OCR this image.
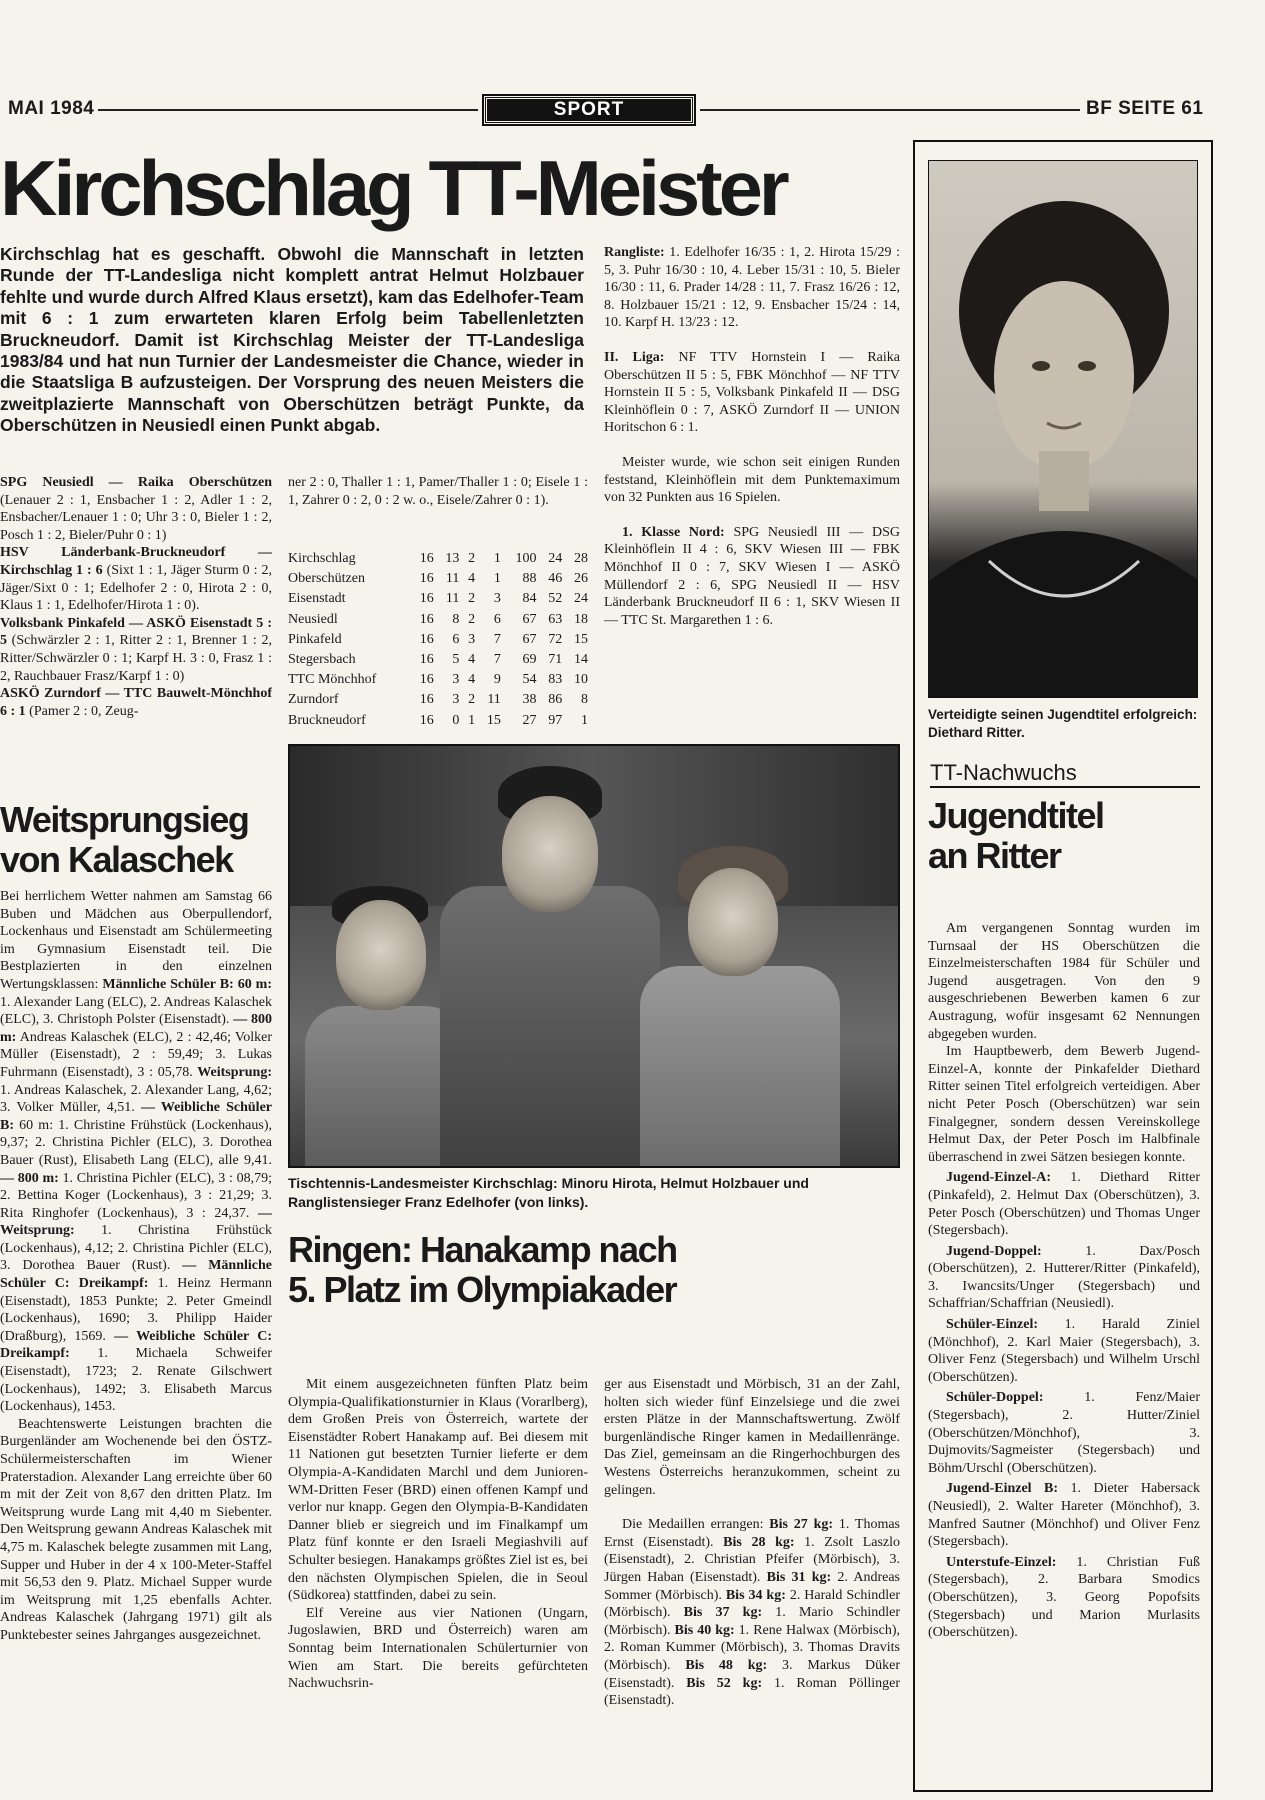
MAI 1984	SPORT	BF SEITE 61
Kirchschlag TT-Meister

Kirchschlag hat es geschafft. Obwohl die Mannschaft in letzten Runde der TT-Landesliga nicht komplett antrat Helmut Holzbauer fehlte und wurde durch Alfred Klaus ersetzt), kam das Edelhofer-Team mit 6 : 1 zum erwarteten klaren Erfolg beim Tabellenletzten Bruckneudorf. Damit ist Kirchschlag Meister der TT-Landesliga 1983/84 und hat nun Turnier der Landesmeister die Chance, wieder in die Staatsliga B aufzusteigen. Der Vorsprung des neuen Meisters die zweitplazierte Mannschaft von Oberschützen beträgt Punkte, da Oberschützen in Neusiedl einen Punkt abgab.

SPG Neusiedl — Raika Oberschützen (Lenauer 2 : 1, Ensbacher 1 : 2, Adler 1 : 2, Ensbacher/Lenauer 1 : 0; Uhr 3 : 0, Bieler 1 : 2, Posch 1 : 2, Bieler/Puhr 0 : 1)

HSV Länderbank-Bruckneudorf — Kirchschlag 1 : 6 (Sixt 1 : 1, Jäger Sturm 0 : 2, Jäger/Sixt 0 : 1; Edelhofer 2 : 0, Hirota 2 : 0, Klaus 1 : 1, Edelhofer/Hirota 1 : 0).

Volksbank Pinkafeld — ASKÖ Eisenstadt 5 : 5 (Schwärzler 2 : 1, Ritter 2 : 1, Brenner 1 : 2, Ritter/Schwärzler 0 : 1; Karpf H. 3 : 0, Frasz 1 : 2, Rauchbauer Frasz/Karpf 1 : 0)

ASKÖ Zurndorf — TTC Bauwelt-Mönchhof 6 : 1 (Pamer 2 : 0, Zeug-

ner 2 : 0, Thaller 1 : 1, Pamer/Thaller 1 : 0; Eisele 1 : 1, Zahrer 0 : 2, 0 : 2 w. o., Eisele/Zahrer 0 : 1).

Kirchschlag	16	13	2	1	100	24	28
Oberschützen	16	11	4	1	88	46	26
Eisenstadt	16	11	2	3	84	52	24
Neusiedl	16	8	2	6	67	63	18
Pinkafeld	16	6	3	7	67	72	15
Stegersbach	16	5	4	7	69	71	14
TTC Mönchhof	16	3	4	9	54	83	10
Zurndorf	16	3	2	11	38	86	8
Bruckneudorf	16	0	1	15	27	97	1

Rangliste: 1. Edelhofer 16/35 : 1, 2. Hirota 15/29 : 5, 3. Puhr 16/30 : 10, 4. Leber 15/31 : 10, 5. Bieler 16/30 : 11, 6. Prader 14/28 : 11, 7. Frasz 16/26 : 12, 8. Holzbauer 15/21 : 12, 9. Ensbacher 15/24 : 14, 10. Karpf H. 13/23 : 12.

II. Liga: NF TTV Hornstein I — Raika Oberschützen II 5 : 5, FBK Mönchhof — NF TTV Hornstein II 5 : 5, Volksbank Pinkafeld II — DSG Kleinhöflein 0 : 7, ASKÖ Zurndorf II — UNION Horitschon 6 : 1.

Meister wurde, wie schon seit einigen Runden feststand, Kleinhöflein mit dem Punktemaximum von 32 Punkten aus 16 Spielen.

1. Klasse Nord: SPG Neusiedl III — DSG Kleinhöflein II 4 : 6, SKV Wiesen III — FBK Mönchhof II 0 : 7, SKV Wiesen I — ASKÖ Müllendorf 2 : 6, SPG Neusiedl II — HSV Länderbank Bruckneudorf II 6 : 1, SKV Wiesen II — TTC St. Margarethen 1 : 6.

Weitsprungsieg
von Kalaschek

Bei herrlichem Wetter nahmen am Samstag 66 Buben und Mädchen aus Oberpullendorf, Lockenhaus und Eisenstadt am Schülermeeting im Gymnasium Eisenstadt teil. Die Bestplazierten in den einzelnen Wertungsklassen: Männliche Schüler B: 60 m: 1. Alexander Lang (ELC), 2. Andreas Kalaschek (ELC), 3. Christoph Polster (Eisenstadt). — 800 m: Andreas Kalaschek (ELC), 2 : 42,46; Volker Müller (Eisenstadt), 2 : 59,49; 3. Lukas Fuhrmann (Eisenstadt), 3 : 05,78. Weitsprung: 1. Andreas Kalaschek, 2. Alexander Lang, 4,62; 3. Volker Müller, 4,51. — Weibliche Schüler B: 60 m: 1. Christine Frühstück (Lockenhaus), 9,37; 2. Christina Pichler (ELC), 3. Dorothea Bauer (Rust), Elisabeth Lang (ELC), alle 9,41. — 800 m: 1. Christina Pichler (ELC), 3 : 08,79; 2. Bettina Koger (Lockenhaus), 3 : 21,29; 3. Rita Ringhofer (Lockenhaus), 3 : 24,37. — Weitsprung: 1. Christina Frühstück (Lockenhaus), 4,12; 2. Christina Pichler (ELC), 3. Dorothea Bauer (Rust). — Männliche Schüler C: Dreikampf: 1. Heinz Hermann (Eisenstadt), 1853 Punkte; 2. Peter Gmeindl (Lockenhaus), 1690; 3. Philipp Haider (Draßburg), 1569. — Weibliche Schüler C: Dreikampf: 1. Michaela Schweifer (Eisenstadt), 1723; 2. Renate Gilschwert (Lockenhaus), 1492; 3. Elisabeth Marcus (Lockenhaus), 1453.

Beachtenswerte Leistungen brachten die Burgenländer am Wochenende bei den ÖSTZ-Schülermeisterschaften im Wiener Praterstadion. Alexander Lang erreichte über 60 m mit der Zeit von 8,67 den dritten Platz. Im Weitsprung wurde Lang mit 4,40 m Siebenter. Den Weitsprung gewann Andreas Kalaschek mit 4,75 m. Kalaschek belegte zusammen mit Lang, Supper und Huber in der 4 x 100-Meter-Staffel mit 56,53 den 9. Platz. Michael Supper wurde im Weitsprung mit 1,25 ebenfalls Achter. Andreas Kalaschek (Jahrgang 1971) gilt als Punktebester seines Jahrganges ausgezeichnet.

Tischtennis-Landesmeister Kirchschlag: Minoru Hirota, Helmut Holzbauer und Ranglistensieger Franz Edelhofer (von links).
Ringen: Hanakamp nach
5. Platz im Olympiakader

Mit einem ausgezeichneten fünften Platz beim Olympia-Qualifikationsturnier in Klaus (Vorarlberg), dem Großen Preis von Österreich, wartete der Eisenstädter Robert Hanakamp auf. Bei diesem mit 11 Nationen gut besetzten Turnier lieferte er dem Olympia-A-Kandidaten Marchl und dem Junioren-WM-Dritten Feser (BRD) einen offenen Kampf und verlor nur knapp. Gegen den Olympia-B-Kandidaten Danner blieb er siegreich und im Finalkampf um Platz fünf konnte er den Israeli Megiashvili auf Schulter besiegen. Hanakamps größtes Ziel ist es, bei den nächsten Olympischen Spielen, die in Seoul (Südkorea) stattfinden, dabei zu sein.

Elf Vereine aus vier Nationen (Ungarn, Jugoslawien, BRD und Österreich) waren am Sonntag beim Internationalen Schülerturnier von Wien am Start. Die bereits gefürchteten Nachwuchsrin-

ger aus Eisenstadt und Mörbisch, 31 an der Zahl, holten sich wieder fünf Einzelsiege und die zwei ersten Plätze in der Mannschaftswertung. Zwölf burgenländische Ringer kamen in Medaillenränge. Das Ziel, gemeinsam an die Ringerhochburgen des Westens Österreichs heranzukommen, scheint zu gelingen.

Die Medaillen errangen: Bis 27 kg: 1. Thomas Ernst (Eisenstadt). Bis 28 kg: 1. Zsolt Laszlo (Eisenstadt), 2. Christian Pfeifer (Mörbisch), 3. Jürgen Haban (Eisenstadt). Bis 31 kg: 2. Andreas Sommer (Mörbisch). Bis 34 kg: 2. Harald Schindler (Mörbisch). Bis 37 kg: 1. Mario Schindler (Mörbisch). Bis 40 kg: 1. Rene Halwax (Mörbisch), 2. Roman Kummer (Mörbisch), 3. Thomas Dravits (Mörbisch). Bis 48 kg: 3. Markus Düker (Eisenstadt). Bis 52 kg: 1. Roman Pöllinger (Eisenstadt).

Verteidigte seinen Jugendtitel erfolgreich: Diethard Ritter.
TT-Nachwuchs
Jugendtitel
an Ritter

Am vergangenen Sonntag wurden im Turnsaal der HS Oberschützen die Einzelmeisterschaften 1984 für Schüler und Jugend ausgetragen. Von den 9 ausgeschriebenen Bewerben kamen 6 zur Austragung, wofür insgesamt 62 Nennungen abgegeben wurden.

Im Hauptbewerb, dem Bewerb Jugend-Einzel-A, konnte der Pinkafelder Diethard Ritter seinen Titel erfolgreich verteidigen. Aber nicht Peter Posch (Oberschützen) war sein Finalgegner, sondern dessen Vereinskollege Helmut Dax, der Peter Posch im Halbfinale überraschend in zwei Sätzen besiegen konnte.

Jugend-Einzel-A: 1. Diethard Ritter (Pinkafeld), 2. Helmut Dax (Oberschützen), 3. Peter Posch (Oberschützen) und Thomas Unger (Stegersbach).

Jugend-Doppel: 1. Dax/Posch (Oberschützen), 2. Hutterer/Ritter (Pinkafeld), 3. Iwancsits/Unger (Stegersbach) und Schaffrian/Schaffrian (Neusiedl).

Schüler-Einzel: 1. Harald Ziniel (Mönchhof), 2. Karl Maier (Stegersbach), 3. Oliver Fenz (Stegersbach) und Wilhelm Urschl (Oberschützen).

Schüler-Doppel: 1. Fenz/Maier (Stegersbach), 2. Hutter/Ziniel (Oberschützen/Mönchhof), 3. Dujmovits/Sagmeister (Stegersbach) und Böhm/Urschl (Oberschützen).

Jugend-Einzel B: 1. Dieter Habersack (Neusiedl), 2. Walter Hareter (Mönchhof), 3. Manfred Sautner (Mönchhof) und Oliver Fenz (Stegersbach).

Unterstufe-Einzel: 1. Christian Fuß (Stegersbach), 2. Barbara Smodics (Oberschützen), 3. Georg Popofsits (Stegersbach) und Marion Murlasits (Oberschützen).
